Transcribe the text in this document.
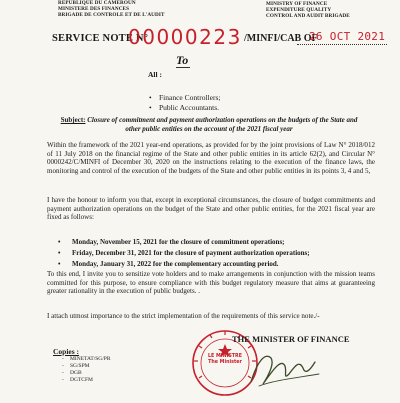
REPUBLIQUE DU CAMEROUN
MINISTERE DES FINANCES
BRIGADE DE CONTROLE ET DE L'AUDIT
MINISTRY OF FINANCE
EXPENDITURE QUALITY
CONTROL AND AUDIT BRIGADE
SERVICE NOTE N°
00000223 /MINFI/CAB OF
26 OCT 2021
To
All :
• Finance Controllers;
• Public Accountants.
Subject: Closure of commitment and payment authorization operations on the budgets of the State and other public entities on the account of the 2021 fiscal year

Within the framework of the 2021 year-end operations, as provided for by the joint provisions of Law N° 2018/012 of 11 July 2018 on the financial regime of the State and other public entities in its article 62(2), and Circular N° 0000242/C/MINFI of December 30, 2020 on the instructions relating to the execution of the finance laws, the monitoring and control of the execution of the budgets of the State and other public entities in its points 3, 4 and 5,

I have the honour to inform you that, except in exceptional circumstances, the closure of budget commitments and payment authorization operations on the budget of the State and other public entities, for the 2021 fiscal year are fixed as follows:

• Monday, November 15, 2021 for the closure of commitment operations;
• Friday, December 31, 2021 for the closure of payment authorization operations;
• Monday, January 31, 2022 for the complementary accounting period.

To this end, I invite you to sensitize vote holders and to make arrangements in conjunction with the mission teams committed for this purpose, to ensure compliance with this budget regulatory measure that aims at guaranteeing greater rationality in the execution of public budgets. .

I attach utmost importance to the strict implementation of the requirements of this service note./-

Copies :
- MINETAT/SG/PR
- SG/SPM
- DGB
- DGTCFM
LE MINISTRE
The Minister
THE MINISTER OF FINANCE
